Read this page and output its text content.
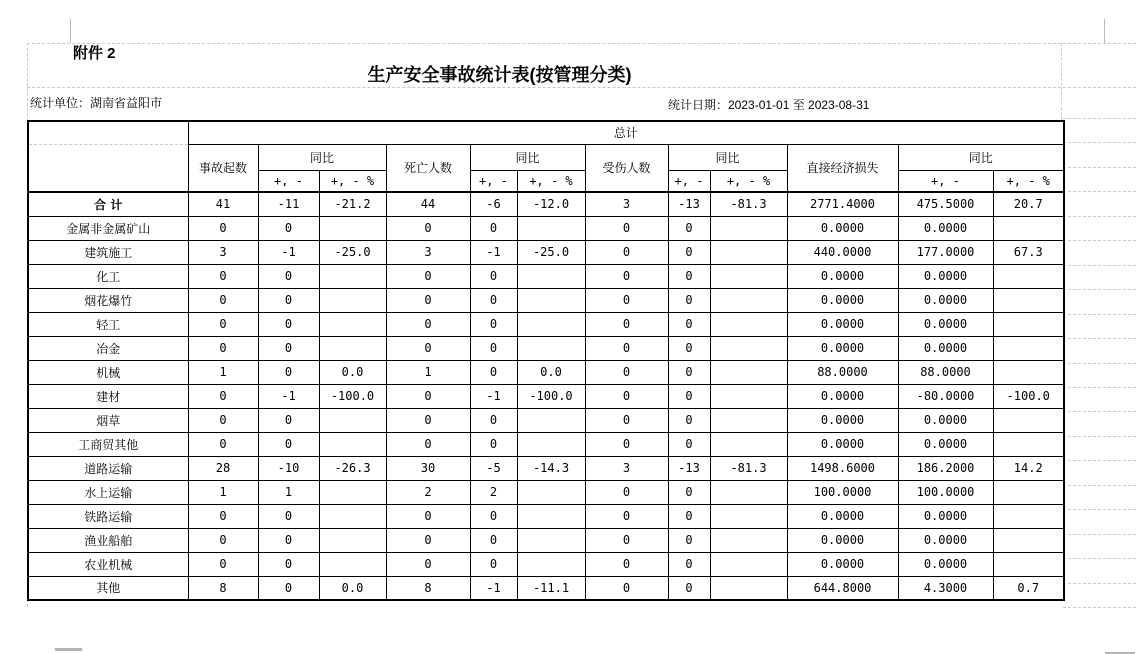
附件 2
生产安全事故统计表(按管理分类)
统计单位：湖南省益阳市	统计日期：2023-01-01 至 2023-08-31
	总计											
	事故起数	同比		死亡人数	同比		受伤人数	同比		直接经济损失	同比	
		+, -	+, - %		+, -	+, - %		+, -	+, - %		+, -	+, - %
合 计	41	-11	-21.2	44	-6	-12.0	3	-13	-81.3	2771.4000	475.5000	20.7
金属非金属矿山	0	0		0	0		0	0		0.0000	0.0000	
建筑施工	3	-1	-25.0	3	-1	-25.0	0	0		440.0000	177.0000	67.3
化工	0	0		0	0		0	0		0.0000	0.0000	
烟花爆竹	0	0		0	0		0	0		0.0000	0.0000	
轻工	0	0		0	0		0	0		0.0000	0.0000	
冶金	0	0		0	0		0	0		0.0000	0.0000	
机械	1	0	0.0	1	0	0.0	0	0		88.0000	88.0000	
建材	0	-1	-100.0	0	-1	-100.0	0	0		0.0000	-80.0000	-100.0
烟草	0	0		0	0		0	0		0.0000	0.0000	
工商贸其他	0	0		0	0		0	0		0.0000	0.0000	
道路运输	28	-10	-26.3	30	-5	-14.3	3	-13	-81.3	1498.6000	186.2000	14.2
水上运输	1	1		2	2		0	0		100.0000	100.0000	
铁路运输	0	0		0	0		0	0		0.0000	0.0000	
渔业船舶	0	0		0	0		0	0		0.0000	0.0000	
农业机械	0	0		0	0		0	0		0.0000	0.0000	
其他	8	0	0.0	8	-1	-11.1	0	0		644.8000	4.3000	0.7
